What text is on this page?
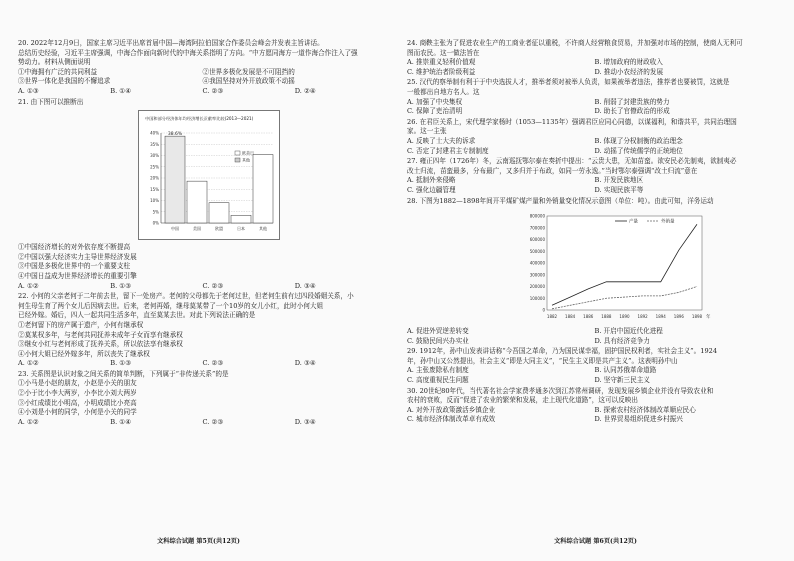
20. 2022年12月9日，国家主席习近平出席首届中国—海湾阿拉伯国家合作委员会峰会并发表主旨讲话。
总结历史经验，习近平主席强调，中海合作面向新时代的中海关系指明了方向。“中方愿同海方一道作海合作注入了强
势动力。材料从侧面说明
①中海拥有广泛的共同利益	②世界多极化发展是不可阻挡的
③世界一体化是我国的不懈追求	④我国坚持对外开放政策不动摇
A. ①③	B. ①④	C. ②③	D. ②④
21. 由下图可以推断出
中国和部分经济体年均经济增长贡献率比较(2013—2021)
40%
35%
30%
25%
20%
15%
10%
5%
0%
中国	美国	欧盟	日本	其他
38.6%
欧美日
其他
①中国经济增长的对外依存度不断提高
②中国以强大经济实力主导世界经济发展
③中国是多极化世界中的一个重要支柱
④中国日益成为世界经济增长的重要引擎
A. ①②	B. ①③	C. ②③	D. ③④
22. 小何的父亲老何于二年前去世，留下一处房产。老何的父母都先于老何过世，但老何生前有过四段婚姻关系，小
何生母生育了两个女儿后因病去世。后来，老何再婚，继母莫某带了一个10岁的女儿小红，此时小何大姐
已经外嫁。婚后，四人一起共同生活多年，直至莫某去世。对此下列说法正确的是
①老何留下的房产属于遗产，小何有继承权
②莫某权多年，与老何共同抚养未成年子女而享有继承权
③继女小红与老何形成了抚养关系，所以依法享有继承权
④小何大姐已经外嫁多年，所以丧失了继承权
A. ①②	B. ①③	C. ②③	D. ③④
23. 关系图是认识对象之间关系的简单判断，下列属于“非传递关系”的是
①小马是小赵的朋友，小赵是小关的朋友
②小于比小李大两岁，小李比小刘大两岁
③小红成绩比小明高，小明成绩比小亮高
④小刘是小何的同学，小何是小关的同学
A. ①②	B. ①④	C. ②③	D. ③④
文科综合试题 第5页(共12页)
24. 商鞅主张为了促进农业生产的工商业者征以重税，不许商人经营粮食贸易，并加强对市场的控制，使商人无利可
图而农民。这一做法旨在
A. 推崇重义轻利价值观	B. 增加政府的财政收入
C. 维护统治者阶级利益	D. 推动小农经济的发展
25. 汉代的察举制有利于于中央选拔人才，推举者须对被举人负责，如果被举者违法，推荐者也要被罚，这就是
一般都出自地方名人。这
A. 加强了中央集权	B. 削弱了封建贵族的势力
C. 保障了吏治清明	D. 助长了官僚政治的形成
26. 在君臣关系上，宋代理学家杨时（1053—1135年）强调君臣应同心同德，以谋福利，和谐共平，共同治理国
家。这一主张
A. 反映了士大夫的诉求	B. 体现了分权制衡的政治理念
C. 否定了封建君主专制制度	D. 动摇了传统儒学的正统地位
27. 雍正四年（1726年）冬，云南巡抚鄂尔泰在奏折中提出：“云贵大患，无如苗蛮。欲安民必先制夷，欲制夷必
改土归流，苗蛮最多，分布最广，又多归并于布政，如同一劳永逸。”当时鄂尔泰强调“改土归流”意在
A. 抵制外来侵略	B. 开发民族地区
C. 强化边疆管理	D. 实现民族平等
28. 下图为1882—1898年间开平煤矿煤产量和外销量变化情况示意图（单位：吨）。由此可知，洋务运动
800000
700000
600000
500000
400000
300000
200000
100000
0
1882 1884 1886 1888 1890 1892 1894 1896 1898 年
产量	外销量
A. 促进外贸逆差转变	B. 开启中国近代化进程
C. 鼓励民间兴办实业	D. 具有经济竞争力
29. 1912年，孙中山发表讲话称“今吾国之革命，乃为国民谋幸福，固护国民权利者，实社会主义”。1924
年，孙中山又公然提出，社会主义“即是大同主义”，“民生主义即是共产主义”。这表明孙中山
A. 主张废除私有制度	B. 认同苏俄革命道路
C. 高度重视民生问题	D. 坚守新三民主义
30. 20世纪80年代，当代著名社会学家费孝通多次到江苏常州调研，发现发展乡镇企业并没有导致农业和
农村的衰败，反而“促进了农业的繁荣和发展，走上现代化道路”，这可以反映出
A. 对外开放政策激活乡镇企业	B. 探索农村经济体制改革顺应民心
C. 城市经济体制改革卓有成效	D. 世界贸易组织促进乡村振兴
文科综合试题 第6页(共12页)
